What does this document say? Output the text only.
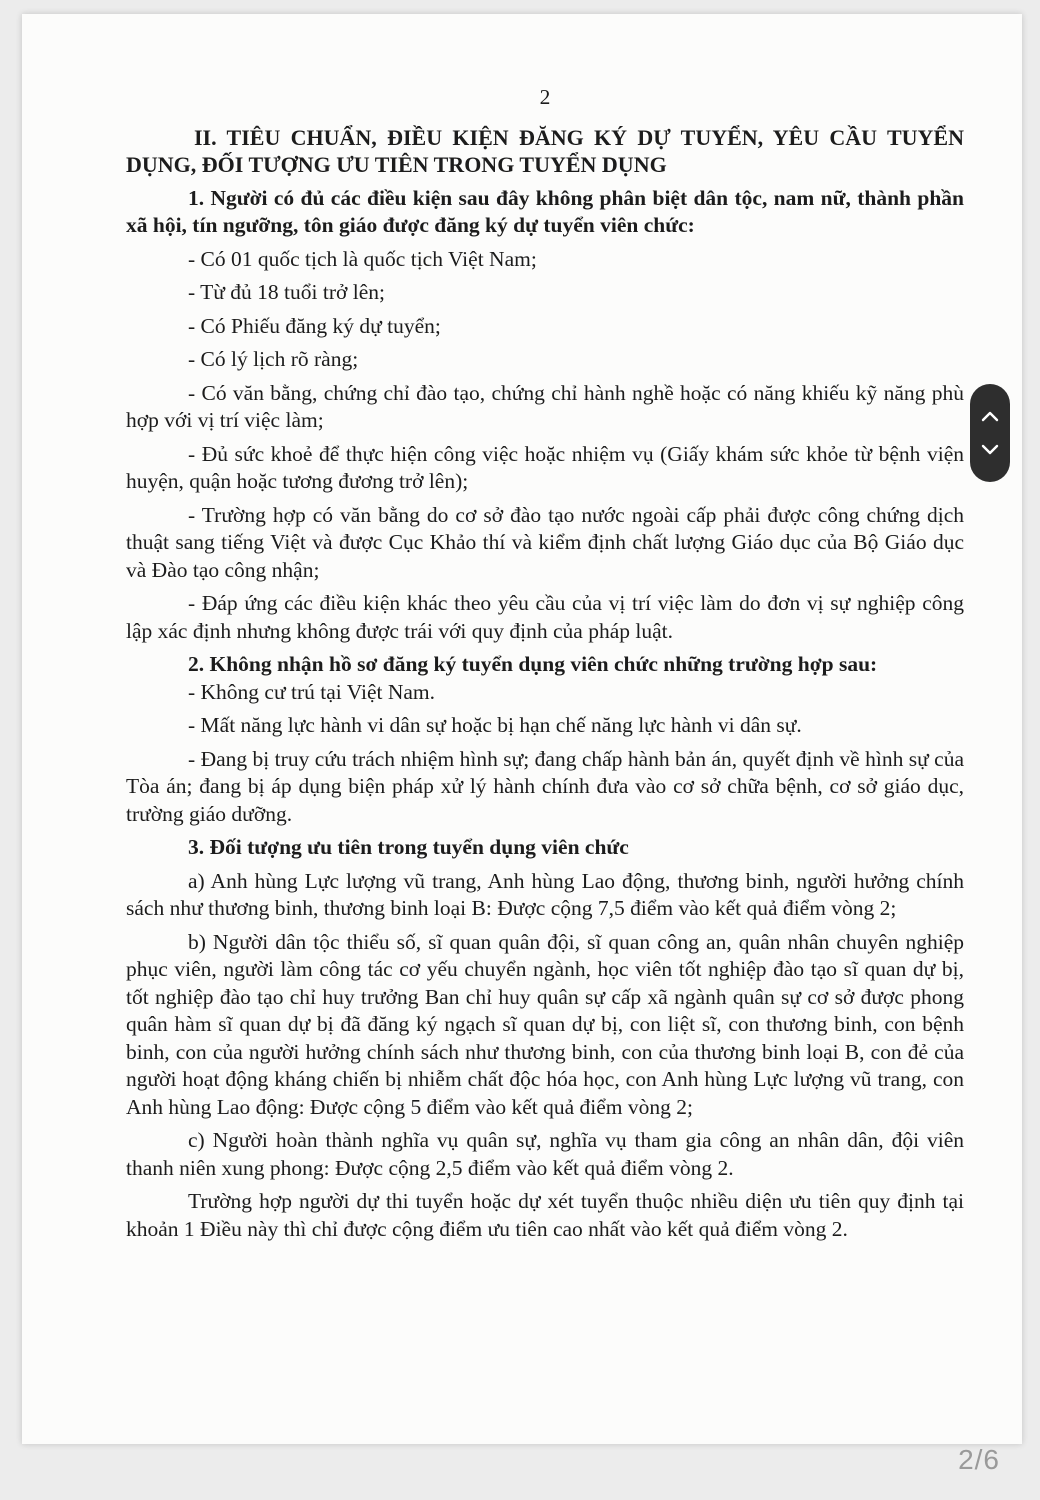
2
II. TIÊU CHUẨN, ĐIỀU KIỆN ĐĂNG KÝ DỰ TUYỂN, YÊU CẦU TUYỂN DỤNG, ĐỐI TƯỢNG ƯU TIÊN TRONG TUYỂN DỤNG

1. Người có đủ các điều kiện sau đây không phân biệt dân tộc, nam nữ, thành phần xã hội, tín ngưỡng, tôn giáo được đăng ký dự tuyển viên chức:

- Có 01 quốc tịch là quốc tịch Việt Nam;

- Từ đủ 18 tuổi trở lên;

- Có Phiếu đăng ký dự tuyển;

- Có lý lịch rõ ràng;

- Có văn bằng, chứng chỉ đào tạo, chứng chỉ hành nghề hoặc có năng khiếu kỹ năng phù hợp với vị trí việc làm;

- Đủ sức khoẻ để thực hiện công việc hoặc nhiệm vụ (Giấy khám sức khỏe từ bệnh viện huyện, quận hoặc tương đương trở lên);

- Trường hợp có văn bằng do cơ sở đào tạo nước ngoài cấp phải được công chứng dịch thuật sang tiếng Việt và được Cục Khảo thí và kiểm định chất lượng Giáo dục của Bộ Giáo dục và Đào tạo công nhận;

- Đáp ứng các điều kiện khác theo yêu cầu của vị trí việc làm do đơn vị sự nghiệp công lập xác định nhưng không được trái với quy định của pháp luật.

2. Không nhận hồ sơ đăng ký tuyển dụng viên chức những trường hợp sau:

- Không cư trú tại Việt Nam.

- Mất năng lực hành vi dân sự hoặc bị hạn chế năng lực hành vi dân sự.

- Đang bị truy cứu trách nhiệm hình sự; đang chấp hành bản án, quyết định về hình sự của Tòa án; đang bị áp dụng biện pháp xử lý hành chính đưa vào cơ sở chữa bệnh, cơ sở giáo dục, trường giáo dưỡng.

3. Đối tượng ưu tiên trong tuyển dụng viên chức

a) Anh hùng Lực lượng vũ trang, Anh hùng Lao động, thương binh, người hưởng chính sách như thương binh, thương binh loại B: Được cộng 7,5 điểm vào kết quả điểm vòng 2;

b) Người dân tộc thiểu số, sĩ quan quân đội, sĩ quan công an, quân nhân chuyên nghiệp phục viên, người làm công tác cơ yếu chuyển ngành, học viên tốt nghiệp đào tạo sĩ quan dự bị, tốt nghiệp đào tạo chỉ huy trưởng Ban chỉ huy quân sự cấp xã ngành quân sự cơ sở được phong quân hàm sĩ quan dự bị đã đăng ký ngạch sĩ quan dự bị, con liệt sĩ, con thương binh, con bệnh binh, con của người hưởng chính sách như thương binh, con của thương binh loại B, con đẻ của người hoạt động kháng chiến bị nhiễm chất độc hóa học, con Anh hùng Lực lượng vũ trang, con Anh hùng Lao động: Được cộng 5 điểm vào kết quả điểm vòng 2;

c) Người hoàn thành nghĩa vụ quân sự, nghĩa vụ tham gia công an nhân dân, đội viên thanh niên xung phong: Được cộng 2,5 điểm vào kết quả điểm vòng 2.

Trường hợp người dự thi tuyển hoặc dự xét tuyển thuộc nhiều diện ưu tiên quy định tại khoản 1 Điều này thì chỉ được cộng điểm ưu tiên cao nhất vào kết quả điểm vòng 2.

2/6
